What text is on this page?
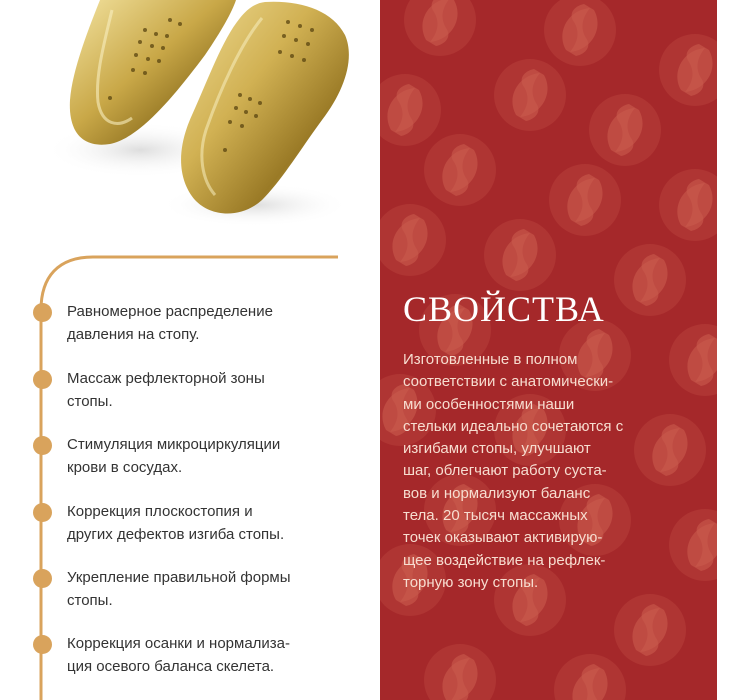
Равномерное распределение
давления на стопу.
Массаж рефлекторной зоны
стопы.
Стимуляция микроциркуляции
крови в сосудах.
Коррекция плоскостопия и
других дефектов изгиба стопы.
Укрепление правильной формы
стопы.
Коррекция осанки и нормализа-
ция осевого баланса скелета.
СВОЙСТВА
Изготовленные в полном
соответствии с анатомически-
ми особенностями наши
стельки идеально сочетаются с
изгибами стопы, улучшают
шаг, облегчают работу суста-
вов и нормализуют баланс
тела. 20 тысяч массажных
точек оказывают активирую-
щее воздействие на рефлек-
торную зону стопы.
